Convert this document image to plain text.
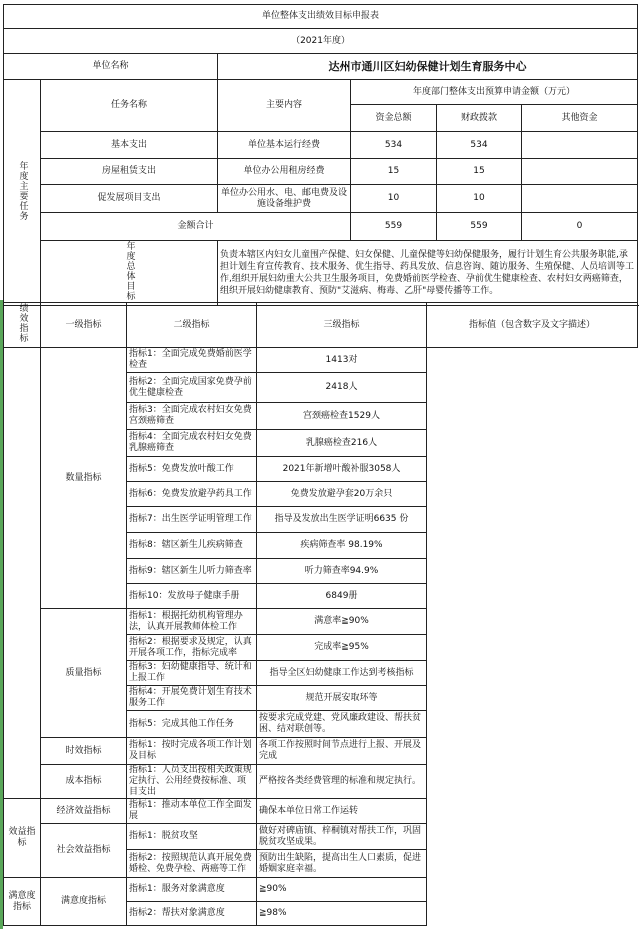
单位整体支出绩效目标申报表					
（2021年度）					
单位名称		达州市通川区妇幼保健计划生育服务中心			
年度主要任务	任务名称	主要内容	年度部门整体支出预算申请金额（万元）		
			资金总额	财政拨款	其他资金
	基本支出	单位基本运行经费	534	534	
	房屋租赁支出	单位办公用租房经费	15	15	
	促发展项目支出	单位办公用水、电、邮电费及设施设备维护费	10	10	
	金额合计		559	559	0
	年度总体目标	负责本辖区内妇女儿童围产保健、妇女保健、儿童保健等妇幼保健服务，履行计划生育公共服务职能,承担计划生育宣传教育、技术服务、优生指导、药具发放、信息咨询、随访服务、生殖保健、人员培训等工作,组织开展妇幼重大公共卫生服务项目，免费婚前医学检查、孕前优生健康检查、农村妇女两癌筛查，组织开展妇幼健康教育、预防"艾滋病、梅毒、乙肝"母婴传播等工作。			
绩效指标	一级指标	二级指标	三级指标	指标值（包含数字及文字描述）
	数量指标	指标1：全面完成免费婚前医学检查	1413对	
		指标2：全面完成国家免费孕前优生健康检查	2418人	
		指标3：全面完成农村妇女免费宫颈癌筛查	宫颈癌检查1529人	
		指标4：全面完成农村妇女免费乳腺癌筛查	乳腺癌检查216人	
		指标5：免费发放叶酸工作	2021年新增叶酸补服3058人	
		指标6：免费发放避孕药具工作	免费发放避孕套20万余只	
		指标7：出生医学证明管理工作	指导及发放出生医学证明6635 份	
		指标8：辖区新生儿疾病筛查	疾病筛查率 98.19%	
		指标9：辖区新生儿听力筛查率	听力筛查率94.9%	
		指标10：发放母子健康手册	6849册	
	质量指标	指标1：根据托幼机构管理办法，认真开展教师体检工作	满意率≧90%	
		指标2：根据要求及规定，认真开展各项工作，指标完成率	完成率≧95%	
		指标3：妇幼健康指导、统计和上报工作	指导全区妇幼健康工作达到考核指标	
		指标4：开展免费计划生育技术服务工作	规范开展安取环等	
		指标5：完成其他工作任务	按要求完成党建、党风廉政建设、帮扶贫困、结对联创等。	
	时效指标	指标1：按时完成各项工作计划及目标	各项工作按照时间节点进行上报、开展及完成	
	成本指标	指标1：人员支出按相关政策规定执行、公用经费按标准、项目支出	严格按各类经费管理的标准和规定执行。	
效益指标	经济效益指标	指标1：推动本单位工作全面发展	确保本单位日常工作运转	
	社会效益指标	指标1：脱贫攻坚	做好对碑庙镇、梓桐镇对帮扶工作，巩固脱贫攻坚成果。	
		指标2：按照规范认真开展免费婚检、免费孕检、两癌等工作	预防出生缺陷，提高出生人口素质，促进婚姻家庭幸福。	
满意度指标	满意度指标	指标1：服务对象满意度	≧90%	
		指标2：帮扶对象满意度	≧98%	
